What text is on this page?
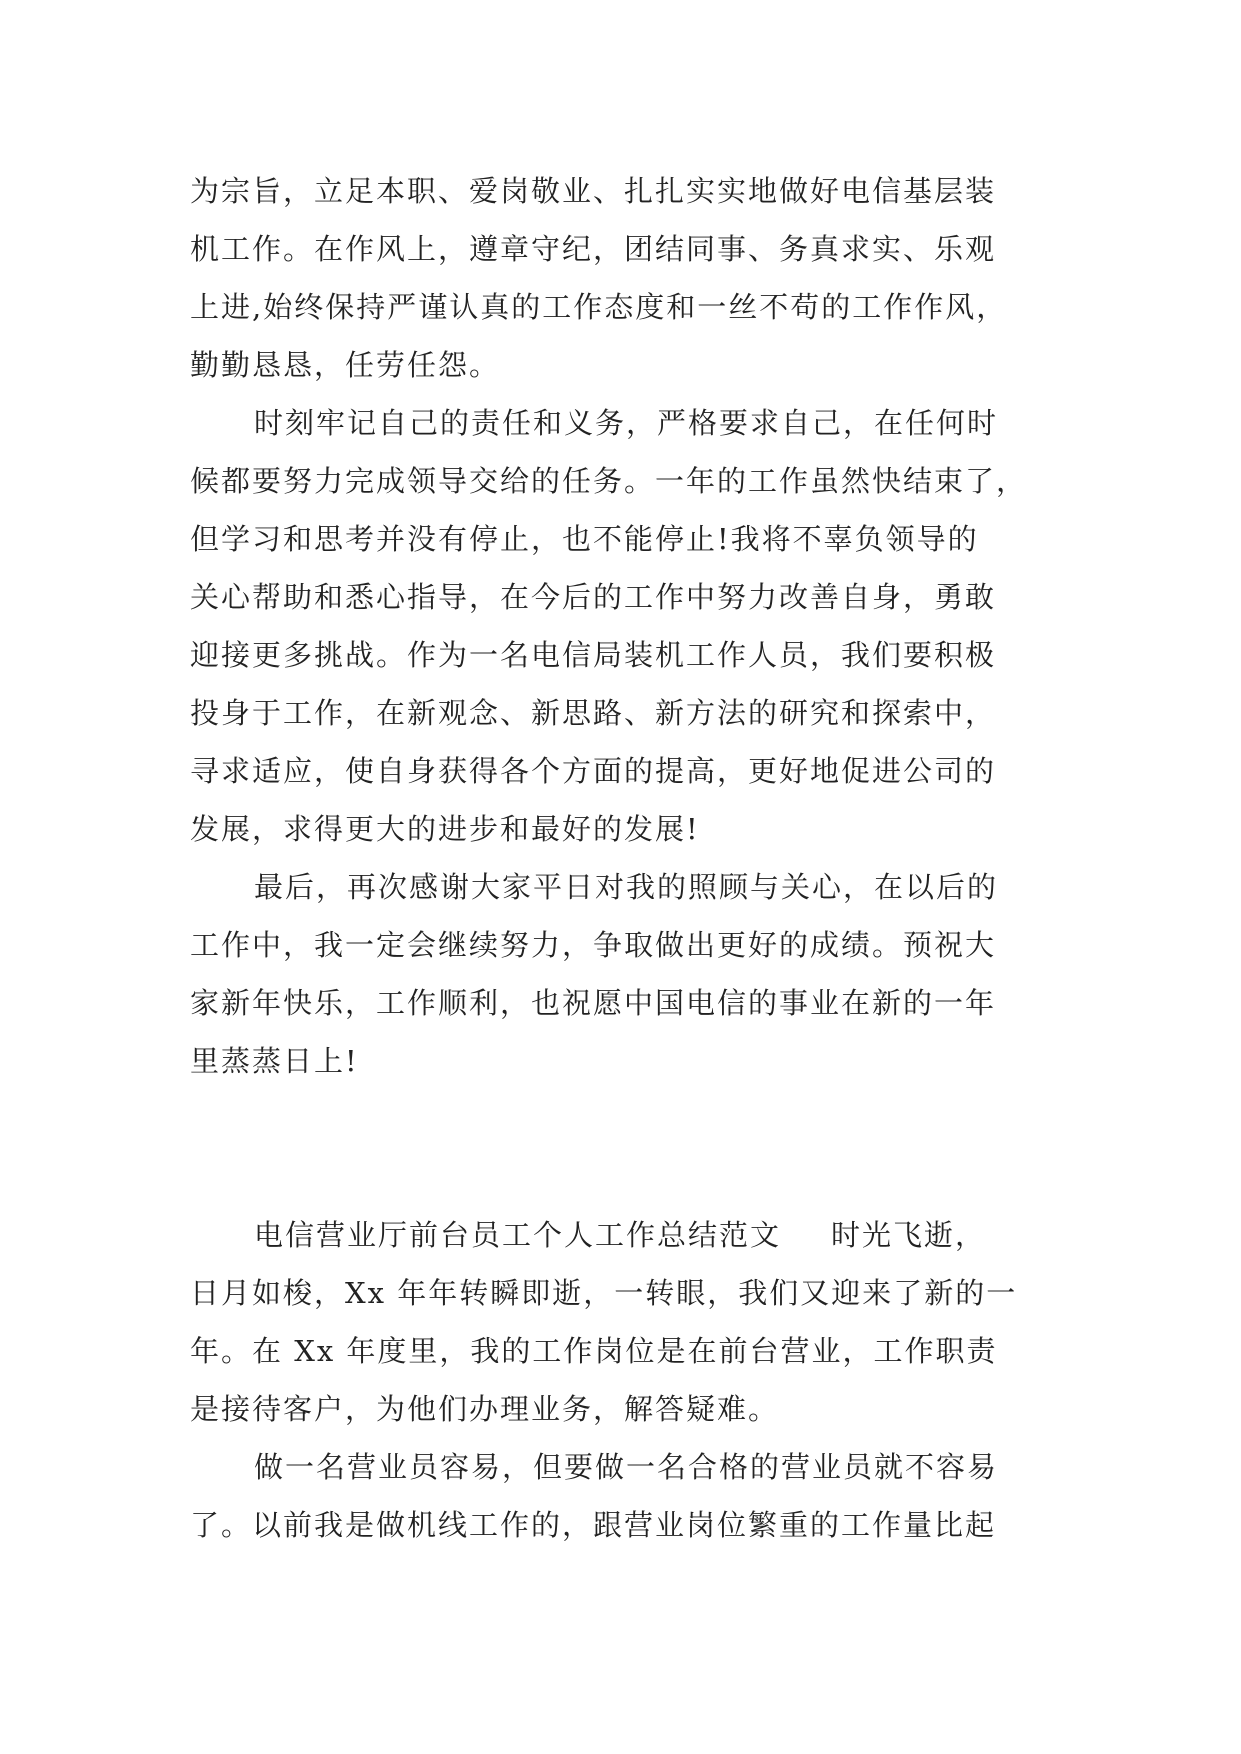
为宗旨，立足本职、爱岗敬业、扎扎实实地做好电信基层装
机工作。在作风上，遵章守纪，团结同事、务真求实、乐观
上进,始终保持严谨认真的工作态度和一丝不苟的工作作风，
勤勤恳恳，任劳任怨。
时刻牢记自己的责任和义务，严格要求自己，在任何时
候都要努力完成领导交给的任务。一年的工作虽然快结束了，
但学习和思考并没有停止，也不能停止!我将不辜负领导的
关心帮助和悉心指导，在今后的工作中努力改善自身，勇敢
迎接更多挑战。作为一名电信局装机工作人员，我们要积极
投身于工作，在新观念、新思路、新方法的研究和探索中，
寻求适应，使自身获得各个方面的提高，更好地促进公司的
发展，求得更大的进步和最好的发展!
最后，再次感谢大家平日对我的照顾与关心，在以后的
工作中，我一定会继续努力，争取做出更好的成绩。预祝大
家新年快乐，工作顺利，也祝愿中国电信的事业在新的一年
里蒸蒸日上!
电信营业厅前台员工个人工作总结范文 时光飞逝，
日月如梭，Xx 年年转瞬即逝，一转眼，我们又迎来了新的一
年。在 Xx 年度里，我的工作岗位是在前台营业，工作职责
是接待客户，为他们办理业务，解答疑难。
做一名营业员容易，但要做一名合格的营业员就不容易
了。以前我是做机线工作的，跟营业岗位繁重的工作量比起
